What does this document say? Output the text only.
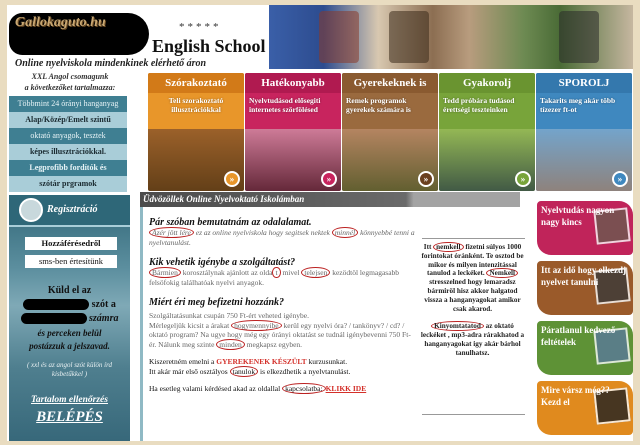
Gallokaguto.hu	*****
English School
Online nyelviskola mindenkinek elérhető áron
XXL Angol csomagunk
a következőket tartalmazza:
Többmint 24 órányi hanganyag
Alap/Közép/Emelt szintű
oktató anyagok, tesztek
képes illusztrációkkal.
Legprofibb fordítók és
szótár prgramok
Regisztráció
Hozzáférésedről
sms-ben értesítünk
Küld el az
szót a
számra
és perceken belül
postázzuk a jelszavad.
( xxl és az angol szót külön írd kisbetűkkel )
Tartalom ellenőrzés
BELÉPÉS
Szórakoztató
Teli szorakoztató illusztrációkkal
»
Hatékonyabb
Nyelvtudásod elősegiti internetes szörfölésed
»
Gyerekeknek is
Remek programok gyerekek számára is
»
Gyakorolj
Tedd próbára tudásod érettségi teszteinken
»
SPOROLJ
Takarits meg akár több tízezer ft-ot
»
Üdvözöllek Online Nyelvoktató Iskolámban
Pár szóban bemutatnám az odalalamat.

Azér jött lére ez az online nyelviskola hogy segitsek nektek minnél könnyebbé tenni a nyelvtanulást.

Kik vehetik igénybe a szolgáltatást?

Bármien korosztálynak ajánlott az olda t mivel telejsen kezödtöl legmagasabb felsöfokig találhatóak nyelvi anyagok.

Miért éri meg befizetni hozzánk?

Szolgáltatásunkat csupán 750 Ft-ért veheted igénybe.
Mérlegeljük kicsit a árakat hogymennyibe kerül egy nyelvi óra? / tankönyv? / cd? / oktató program? Na ugye hogy még egy órányi oktatást se tudnál igénybevenni 750 Ft-ér. Nálunk meg szinte minden megkapsz egyben.

Kiszeretném emelni a GYEREKENEK KÉSZÜLT kurzusunkat.
Itt akár már első osztályos tanulok is elkezdhetik a nyelvtanulást.

Ha esetleg valami kérdésed akad az oldallal kapcsolatba: KLIKK IDE

Itt nemkell fizetni súlyos 1000 forintokat óránként. Te osztod be mikor és milyen intenzitással tanulod a leckéket. Nemkell stresszelned hogy lemaradsz bármiröl hisz akkor halgatod vissza a hanganyagokat amikor csak akarod.

Kinyomtatatod az oktató leckéket , mp3-adra rárakhatod a hanganyagokat igy akár bárhol tanulhatsz.
Nyelvtudás nagyon nagy kincs
Itt az idő hogy elkezdj nyelvet tanulni
Páratlanul kedvező feltételek
Mire vársz még?? Kezd el
